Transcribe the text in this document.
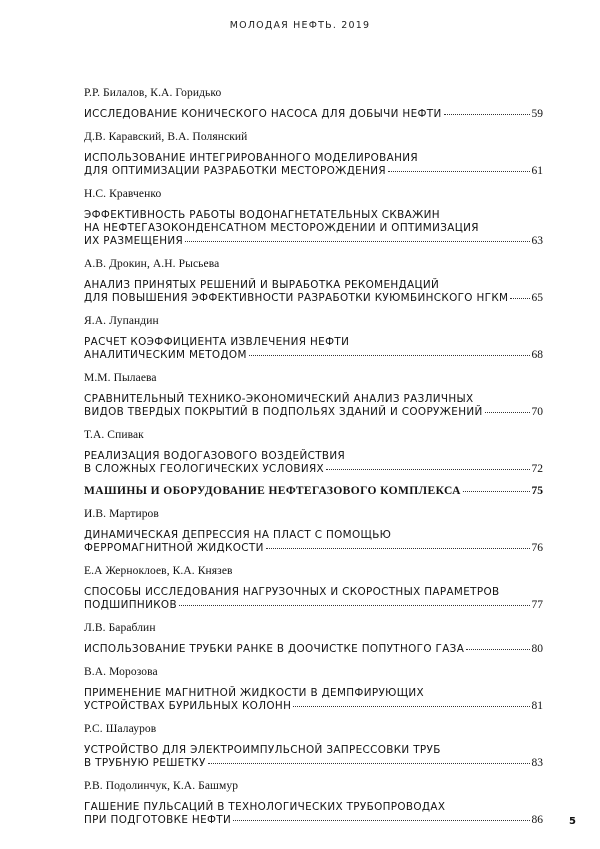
МОЛОДАЯ НЕФТЬ. 2019
Р.Р. Билалов, К.А. Горидько
ИССЛЕДОВАНИЕ КОНИЧЕСКОГО НАСОСА ДЛЯ ДОБЫЧИ НЕФТИ	59
Д.В. Каравский, В.А. Полянский
ИСПОЛЬЗОВАНИЕ ИНТЕГРИРОВАННОГО МОДЕЛИРОВАНИЯ
ДЛЯ ОПТИМИЗАЦИИ РАЗРАБОТКИ МЕСТОРОЖДЕНИЯ	61
Н.С. Кравченко
ЭФФЕКТИВНОСТЬ РАБОТЫ ВОДОНАГНЕТАТЕЛЬНЫХ СКВАЖИН
НА НЕФТЕГАЗОКОНДЕНСАТНОМ МЕСТОРОЖДЕНИИ И ОПТИМИЗАЦИЯ
ИХ РАЗМЕЩЕНИЯ	63
А.В. Дрокин, А.Н. Рысьева
АНАЛИЗ ПРИНЯТЫХ РЕШЕНИЙ И ВЫРАБОТКА РЕКОМЕНДАЦИЙ
ДЛЯ ПОВЫШЕНИЯ ЭФФЕКТИВНОСТИ РАЗРАБОТКИ КУЮМБИНСКОГО НГКМ 65
Я.А. Лупандин
РАСЧЕТ КОЭФФИЦИЕНТА ИЗВЛЕЧЕНИЯ НЕФТИ
АНАЛИТИЧЕСКИМ МЕТОДОМ	68
М.М. Пылаева
СРАВНИТЕЛЬНЫЙ ТЕХНИКО-ЭКОНОМИЧЕСКИЙ АНАЛИЗ РАЗЛИЧНЫХ
ВИДОВ ТВЕРДЫХ ПОКРЫТИЙ В ПОДПОЛЬЯХ ЗДАНИЙ И СООРУЖЕНИЙ	70
Т.А. Спивак
РЕАЛИЗАЦИЯ ВОДОГАЗОВОГО ВОЗДЕЙСТВИЯ
В СЛОЖНЫХ ГЕОЛОГИЧЕСКИХ УСЛОВИЯХ	72
МАШИНЫ И ОБОРУДОВАНИЕ НЕФТЕГАЗОВОГО КОМПЛЕКСА	75
И.В. Мартиров
ДИНАМИЧЕСКАЯ ДЕПРЕССИЯ НА ПЛАСТ С ПОМОЩЬЮ
ФЕРРОМАГНИТНОЙ ЖИДКОСТИ	76
Е.А Жерноклоев, К.А. Князев
СПОСОБЫ ИССЛЕДОВАНИЯ НАГРУЗОЧНЫХ И СКОРОСТНЫХ ПАРАМЕТРОВ
ПОДШИПНИКОВ	77
Л.В. Бараблин
ИСПОЛЬЗОВАНИЕ ТРУБКИ РАНКЕ В ДООЧИСТКЕ ПОПУТНОГО ГАЗА	80
В.А. Морозова
ПРИМЕНЕНИЕ МАГНИТНОЙ ЖИДКОСТИ В ДЕМПФИРУЮЩИХ
УСТРОЙСТВАХ БУРИЛЬНЫХ КОЛОНН	81
Р.С. Шалауров
УСТРОЙСТВО ДЛЯ ЭЛЕКТРОИМПУЛЬСНОЙ ЗАПРЕССОВКИ ТРУБ
В ТРУБНУЮ РЕШЕТКУ	83
Р.В. Подолинчук, К.А. Башмур
ГАШЕНИЕ ПУЛЬСАЦИЙ В ТЕХНОЛОГИЧЕСКИХ ТРУБОПРОВОДАХ
ПРИ ПОДГОТОВКЕ НЕФТИ	86	5
